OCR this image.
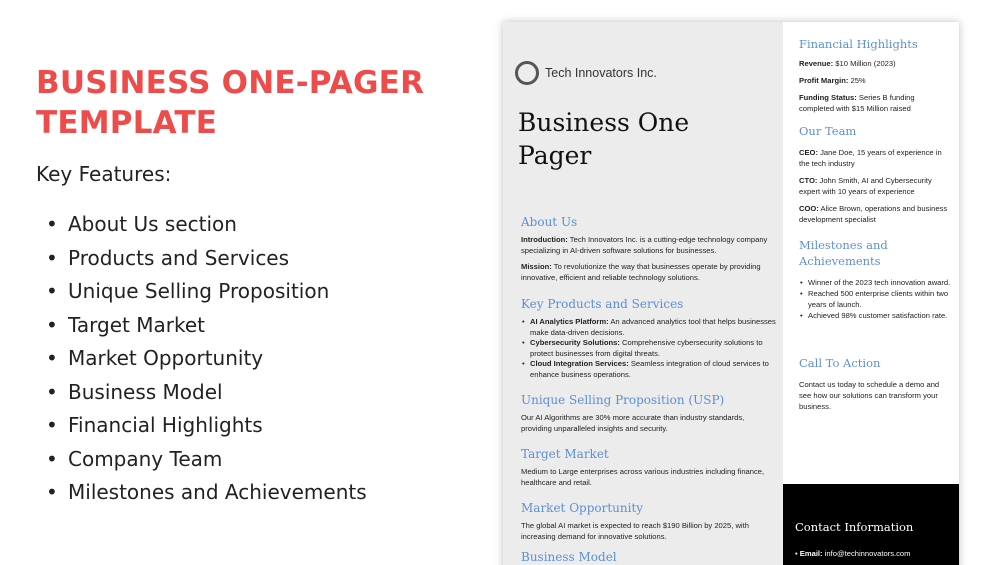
BUSINESS ONE-PAGER TEMPLATE
Key Features:
• About Us section
• Products and Services
• Unique Selling Proposition
• Target Market
• Market Opportunity
• Business Model
• Financial Highlights
• Company Team
• Milestones and Achievements
Tech Innovators Inc.
Business One Pager
About Us

Introduction: Tech Innovators Inc. is a cutting-edge technology company specializing in AI-driven software solutions for businesses.

Mission: To revolutionize the way that businesses operate by providing innovative, efficient and reliable technology solutions.

Key Products and Services
• AI Analytics Platform: An advanced analytics tool that helps businesses make data-driven decisions.
• Cybersecurity Solutions: Comprehensive cybersecurity solutions to protect businesses from digital threats.
• Cloud Integration Services: Seamless integration of cloud services to enhance business operations.
Unique Selling Proposition (USP)

Our AI Algorithms are 30% more accurate than industry standards, providing unparalleled insights and security.

Target Market

Medium to Large enterprises across various industries including finance, healthcare and retail.

Market Opportunity

The global AI market is expected to reach $190 Billion by 2025, with increasing demand for innovative solutions.

Business Model
Financial Highlights

Revenue: $10 Million (2023)

Profit Margin: 25%

Funding Status: Series B funding completed with $15 Million raised

Our Team

CEO: Jane Doe, 15 years of experience in the tech industry

CTO: John Smith, AI and Cybersecurity expert with 10 years of experience

COO: Alice Brown, operations and business development specialist

Milestones and Achievements
• Winner of the 2023 tech innovation award.
• Reached 500 enterprise clients within two years of launch.
• Achieved 98% customer satisfaction rate.
Call To Action

Contact us today to schedule a demo and see how our solutions can transform your business.

Contact Information
• Email: info@techinnovators.com
